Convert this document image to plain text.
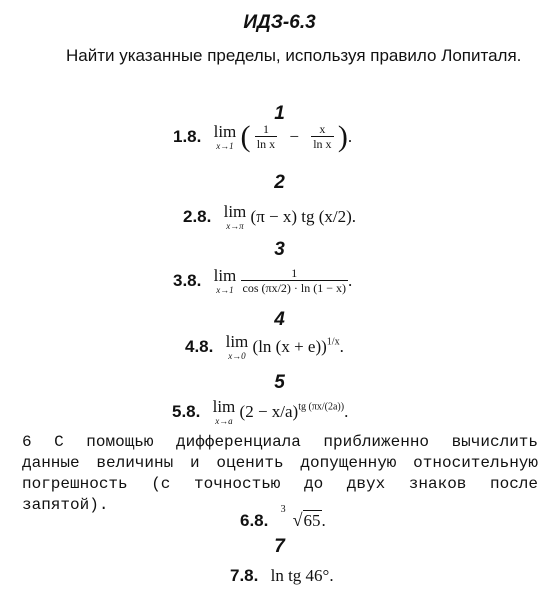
ИДЗ-6.3
Найти указанные пределы, используя правило Лопиталя.
1
1.8. lim
x→1 ( $\frac{1}{\text{ln x}} - \frac{x}{\text{ln x}}$ ).
2
2.8. lim
x→π (π − x) tg (x/2).
3
3.8. lim
x→1
$\frac{1}{\cos (\pi x/2) \cdot \ln (1 - x)}$ .
4
4.8. lim
x→0 (ln (x + e))$^{1/x}$.
5
5.8. lim
x→a $(2 - x/a)^{tg (\pi x/(2a))}$.
6 С помощью дифференциала приближенно вычислить данные величины и оценить допущенную относительную погрешность (с точностью до двух знаков после запятой).
6.8.
3
√65.
7
7.8. ln tg 46°.
